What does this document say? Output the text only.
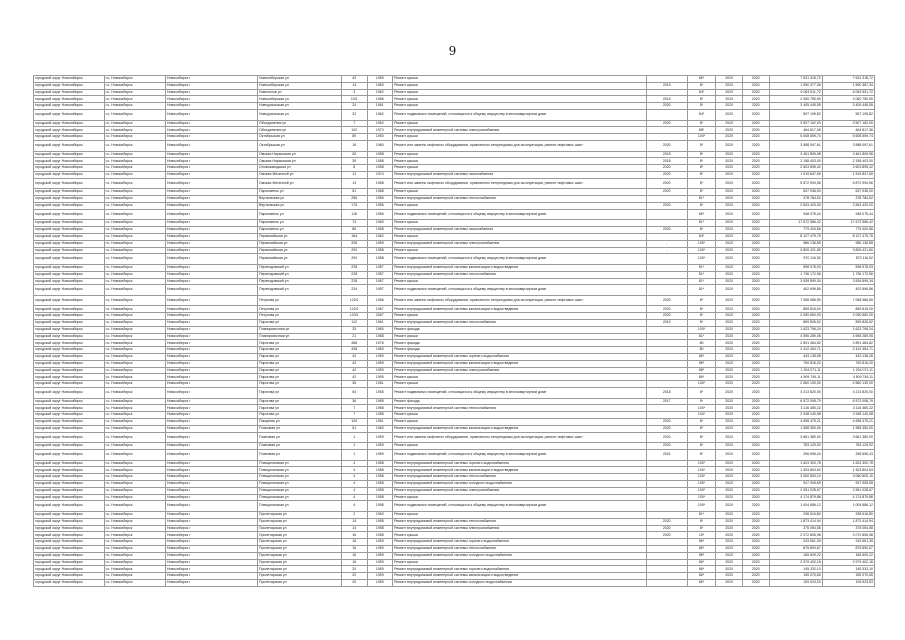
9
городской округ Новосибирск	г.о. Новосибирск	Новосибирск г	Новосибирская ул	42	1959	Ремонт крыши		86*	2020	2020	7 631 318,72	7 631 318,72
городской округ Новосибирск	г.о. Новосибирск	Новосибирск г	Новосибирская ул	14	1960	Ремонт крыши	2019	8*	2020	2020	1 590 377,06	1 590 387,34
городской округ Новосибирск	г.о. Новосибирск	Новосибирск г	Новоселов ул	3	1962	Ремонт крыши		84*	2020	2020	6 063 511,72	6 063 501,72
городской округ Новосибирск	г.о. Новосибирск	Новосибирск г	Новосибирская ул	10/1	1966	Ремонт крыши	2019	8*	2020	2020	2 060 750,90	2 060 750,90
городской округ Новосибирск	г.о. Новосибирск	Новосибирск г	Новоуральская ул	24	1961	Ремонт крыши	2020	8*	2020	2020	3 405 445,55	3 405 445,55
городской округ Новосибирск	г.о. Новосибирск	Новосибирск г	Новоуральская ул	32	1962	Ремонт подвальных помещений, относящихся к общему имуществу в многоквартирном доме		84*	2020	2020	597 195,82	597 195,82
городской округ Новосибирск	г.о. Новосибирск	Новосибирск г	Объединения ул	7	1962	Ремонт крыши	2020	8*	2020	2020	3 507 162,00	3 507 162,00
городской округ Новосибирск	г.о. Новосибирск	Новосибирск г	Объединения ул	102	1970	Ремонт внутридомовой инженерной системы электроснабжения		88*	2020	2020	464 817,36	464 817,36
городской округ Новосибирск	г.о. Новосибирск	Новосибирск г	Октябрьская ул	89	1950	Ремонт крыши		100*	2020	2020	5 608 659,74	5 608 659,74
городской округ Новосибирск	г.о. Новосибирск	Новосибирск г	Октябрьская ул	16	1960	Ремонт или замена лифтового оборудования, признанного непригодным для эксплуатации, ремонт лифтовых шахт	2020	8*	2020	2020	3 588 097,61	3 588 097,61
городской округ Новосибирск	г.о. Новосибирск	Новосибирск г	Омская Нарымская ул	26	1958	Ремонт крыши	2018	8*	2020	2020	3 461 809,98	3 461 809,98
городской округ Новосибирск	г.о. Новосибирск	Новосибирск г	Омская Нарымская ул	39	1958	Ремонт крыши	2018	8*	2020	2020	2 158 403,00	2 158 403,00
городской округ Новосибирск	г.о. Новосибирск	Новосибирск г	Оловозаводская ул	8	1958	Ремонт крыши	2020	8*	2020	2020	2 603 895,42	2 603 895,42
городской округ Новосибирск	г.о. Новосибирск	Новосибирск г	Омская Железной ул	11	1974	Ремонт внутридомовой инженерной системы газоснабжения	2020	8*	2020	2020	1 519 847,69	1 519 847,69
городской округ Новосибирск	г.о. Новосибирск	Новосибирск г	Омская Железной ул	13	1958	Ремонт или замена лифтового оборудования, признанного непригодным для эксплуатации, ремонт лифтовых шахт	2020	8*	2020	2020	5 872 994,56	5 872 994,56
городской округ Новосибирск	г.о. Новосибирск	Новосибирск г	Пархоменко ул	51	1968	Ремонт крыши	2020	8*	2020	2020	637 936,00	637 936,00
городской округ Новосибирск	г.о. Новосибирск	Новосибирск г	Вертковская ул	256	1956	Ремонт внутридомовой инженерной системы теплоснабжения		81*	2020	2020	378 784,52	378 784,52
городской округ Новосибирск	г.о. Новосибирск	Новосибирск г	Вертковская ул	176	1956	Ремонт крыши	2020	8*	2020	2020	2 843 420,00	2 843 420,00
городской округ Новосибирск	г.о. Новосибирск	Новосибирск г	Пархоменко ул	116	1956	Ремонт подвальных помещений, относящихся к общему имуществу в многоквартирном доме		86*	2020	2020	948 075,44	948 075,44
городской округ Новосибирск	г.о. Новосибирск	Новосибирск г	Пархоменко ул	73	1960	Ремонт крыши		81*	2020	2020	17 672 586,42	17 672 586,42
городской округ Новосибирск	г.о. Новосибирск	Новосибирск г	Пархоменко ул	86	1968	Ремонт внутридомовой инженерной системы газоснабжения	2020	8*	2020	2020	779 400,56	779 400,56
городской округ Новосибирск	г.о. Новосибирск	Новосибирск г	Первомайская ул	184	1962	Ремонт крыши		84*	2020	2020	8 127 479,75	8 127 479,75
городской округ Новосибирск	г.о. Новосибирск	Новосибирск г	Первомайская ул	206	1959	Ремонт внутридомовой инженерной системы электроснабжения	-	100*	2020	2020	986 136,85	986 136,85
городской округ Новосибирск	г.о. Новосибирск	Новосибирск г	Первомайская ул	200	1958	Ремонт крыши	-	100*	2020	2020	3 805 421,80	3 805 421,80
городской округ Новосибирск	г.о. Новосибирск	Новосибирск г	Первомайская ул	200	1958	Ремонт подвальных помещений, относящихся к общему имуществу в многоквартирном доме		100*	2020	2020	570 116,52	570 116,52
городской округ Новосибирск	г.о. Новосибирск	Новосибирск г	Переездовский ул	228	1957	Ремонт внутридомовой инженерной системы канализации и водоотведения		81*	2020	2020	598 978,93	598 978,93
городской округ Новосибирск	г.о. Новосибирск	Новосибирск г	Переездовский ул	228	1957	Ремонт внутридомовой инженерной системы теплоснабжения		81*	2020	2020	1 736 172,96	1 736 172,96
городской округ Новосибирск	г.о. Новосибирск	Новосибирск г	Переездовский ул	228	1957	Ремонт крыши		81*	2020	2020	3 539 899,34	3 539 899,34
городской округ Новосибирск	г.о. Новосибирск	Новосибирск г	Переездовский ул	224	1957	Ремонт подвальных помещений, относящихся к общему имуществу в многоквартирном доме		81*	2020	2020	402 696,86	402 696,86
городской округ Новосибирск	г.о. Новосибирск	Новосибирск г	Петухова ул	122/1	1966	Ремонт или замена лифтового оборудования, признанного непригодным для эксплуатации, ремонт лифтовых шахт	2020	8*	2020	2020	7 068 986,59	7 068 986,59
городской округ Новосибирск	г.о. Новосибирск	Новосибирск г	Петухова ул	122/1	1967	Ремонт внутридомовой инженерной системы канализации и водоотведения	2020	8*	2020	2020	859 815,00	859 815,00
городской округ Новосибирск	г.о. Новосибирск	Новосибирск г	Петухова ул	120/1	2067	Ремонт крыши	2020	8*	2020	2020	2 090 660,00	2 090 660,00
городской округ Новосибирск	г.о. Новосибирск	Новосибирск г	Пирогова ул	112	1961	Ремонт внутридомовой инженерной системы теплоснабжения	2019	8*	2020	2020	899 826,52	899 826,52
городской округ Новосибирск	г.о. Новосибирск	Новосибирск г	Планировочная ул	25	1960	Ремонт фасада		100*	2020	2020	1 623 796,24	1 623 796,24
городской округ Новосибирск	г.о. Новосибирск	Новосибирск г	Планировочная ул	21	1958	Ремонт крыши		81*	2020	2020	4 596 289,05	4 596 289,05
городской округ Новосибирск	г.о. Новосибирск	Новосибирск г	Пирогова ул	486	1976	Ремонт фасада		80	2020	2020	2 891 484,82	2 891 484,82
городской округ Новосибирск	г.о. Новосибирск	Новосибирск г	Пирогова ул	436	1960	Ремонт фасада		80	2020	2020	2 412 454,71	2 412 454,71
городской округ Новосибирск	г.о. Новосибирск	Новосибирск г	Пирогова ул	42	1959	Ремонт внутридомовой инженерной системы горячего водоснабжения		86*	2020	2020	443 138,08	443 138,08
городской округ Новосибирск	г.о. Новосибирск	Новосибирск г	Пирогова ул	42	1959	Ремонт внутридомовой инженерной системы канализации и водоотведения		86*	2020	2020	790 816,20	790 816,20
городской округ Новосибирск	г.о. Новосибирск	Новосибирск г	Пирогова ул	42	1959	Ремонт внутридомовой инженерной системы электроснабжения		88*	2020	2020	1 204 071,11	1 204 071,11
городской округ Новосибирск	г.о. Новосибирск	Новосибирск г	Пирогова ул	42	1959	Ремонт крыши		86*	2020	2020	4 509 749,11	4 509 749,11
городской округ Новосибирск	г.о. Новосибирск	Новосибирск г	Пирогова ул	36	1961	Ремонт крыши		100*	2020	2020	2 660 139,00	2 660 139,00
городской округ Новосибирск	г.о. Новосибирск	Новосибирск г	Пирогова ул	54	1955	Ремонт подвальных помещений, относящихся к общему имуществу в многоквартирном доме	2018	8*	2020	2020	4 213 820,00	4 213 820,00
городской округ Новосибирск	г.о. Новосибирск	Новосибирск г	Пирогова ул	36	1955	Ремонт фасада	2017	5*	2020	2020	6 572 008,79	6 572 008,79
городской округ Новосибирск	г.о. Новосибирск	Новосибирск г	Пирогова ул	7	1958	Ремонт внутридомовой инженерной системы теплоснабжения		100*	2020	2020	3 116 480,22	3 116 480,22
городской округ Новосибирск	г.о. Новосибирск	Новосибирск г	Пирогова ул	7	1958	Ремонт крыши		100*	2020	2020	2 948 140,98	2 948 140,98
городской округ Новосибирск	г.о. Новосибирск	Новосибирск г	Писарева ул	109	1961	Ремонт крыши	2020	8*	2020	2020	4 698 475,21	4 698 475,21
городской округ Новосибирск	г.о. Новосибирск	Новосибирск г	Плановая ул	61	1960	Ремонт внутридомовой инженерной системы канализации и водоотведения	2020	8*	2020	2020	1 558 350,00	1 558 350,00
городской округ Новосибирск	г.о. Новосибирск	Новосибирск г	Плановая ул	1	1959	Ремонт или замена лифтового оборудования, признанного непригодным для эксплуатации, ремонт лифтовых шахт	2020	8*	2020	2020	3 661 380,00	3 661 380,00
городской округ Новосибирск	г.о. Новосибирск	Новосибирск г	Плановая ул	1	1959	Ремонт крыши	2020	8*	2020	2020	783 129,92	783 129,92
городской округ Новосибирск	г.о. Новосибирск	Новосибирск г	Плановая ул	1	1959	Ремонт подвальных помещений, относящихся к общему имуществу в многоквартирном доме	2021	8*	2020	2020	296 696,43	296 696,43
городской округ Новосибирск	г.о. Новосибирск	Новосибирск г	Плющихинская ул	4	1958	Ремонт внутридомовой инженерной системы горячего водоснабжения		100*	2020	2020	1 623 300,78	1 623 300,78
городской округ Новосибирск	г.о. Новосибирск	Новосибирск г	Плющихинская ул	4	1958	Ремонт внутридомовой инженерной системы канализации и водоотведения		100*	2020	2020	1 303 804,63	1 303 804,63
городской округ Новосибирск	г.о. Новосибирск	Новосибирск г	Плющихинская ул	4	1958	Ремонт внутридомовой инженерной системы теплоснабжения		100*	2020	2020	3 060 800,10	3 060 800,10
городской округ Новосибирск	г.о. Новосибирск	Новосибирск г	Плющихинская ул	4	1958	Ремонт внутридомовой инженерной системы холодного водоснабжения		100*	2020	2020	947 905,65	947 905,65
городской округ Новосибирск	г.о. Новосибирск	Новосибирск г	Плющихинская ул	4	1958	Ремонт внутридомовой инженерной системы электроснабжения		100*	2020	2020	2 551 028,67	2 551 028,67
городской округ Новосибирск	г.о. Новосибирск	Новосибирск г	Плющихинская ул	4	1958	Ремонт крыши		100*	2020	2020	4 174 879,86	4 174 879,86
городской округ Новосибирск	г.о. Новосибирск	Новосибирск г	Плющихинская ул	4	1958	Ремонт подвальных помещений, относящихся к общему имуществу в многоквартирном доме		100*	2020	2020	1 004 686,12	1 004 686,12
городской округ Новосибирск	г.о. Новосибирск	Новосибирск г	Пролетарская ул	2	1960	Ремонт крыши		81*	2020	2020	298 616,80	298 616,80
городской округ Новосибирск	г.о. Новосибирск	Новосибирск г	Пролетарская ул	14	1958	Ремонт внутридомовой инженерной системы теплоснабжения	2020	8*	2020	2020	1 873 414,94	1 873 414,94
городской округ Новосибирск	г.о. Новосибирск	Новосибирск г	Пролетарская ул	14	1958	Ремонт внутридомовой инженерной системы электроснабжения	2020	8*	2020	2020	375 054,58	375 054,58
городской округ Новосибирск	г.о. Новосибирск	Новосибирск г	Пролетарская ул	16	1958	Ремонт крыши	2020	15*	2020	2020	2 072 806,98	2 072 806,98
городской округ Новосибирск	г.о. Новосибирск	Новосибирск г	Пролетарская ул	16	1959	Ремонт внутридомовой инженерной системы горячего водоснабжения		86*	2020	2020	243 561,39	243 561,39
городской округ Новосибирск	г.о. Новосибирск	Новосибирск г	Пролетарская ул	16	1959	Ремонт внутридомовой инженерной системы теплоснабжения		86*	2020	2020	875 890,67	875 890,67
городской округ Новосибирск	г.о. Новосибирск	Новосибирск г	Пролетарская ул	16	1959	Ремонт внутридомовой инженерной системы холодного водоснабжения		86*	2020	2020	165 609,22	165 609,22
городской округ Новосибирск	г.о. Новосибирск	Новосибирск г	Пролетарская ул	16	1959	Ремонт крыши		86*	2020	2020	2 979 402,18	2 979 402,18
городской округ Новосибирск	г.о. Новосибирск	Новосибирск г	Пролетарская ул	20	1959	Ремонт внутридомовой инженерной системы горячего водоснабжения		86*	2020	2020	145 332,10	145 332,10
городской округ Новосибирск	г.о. Новосибирск	Новосибирск г	Пролетарская ул	20	1959	Ремонт внутридомовой инженерной системы канализации и водоотведения		86*	2020	2020	155 070,65	155 070,65
городской округ Новосибирск	г.о. Новосибирск	Новосибирск г	Пролетарская ул	20	1959	Ремонт внутридомовой инженерной системы холодного водоснабжения		86*	2020	2020	109 923,53	109 923,53
